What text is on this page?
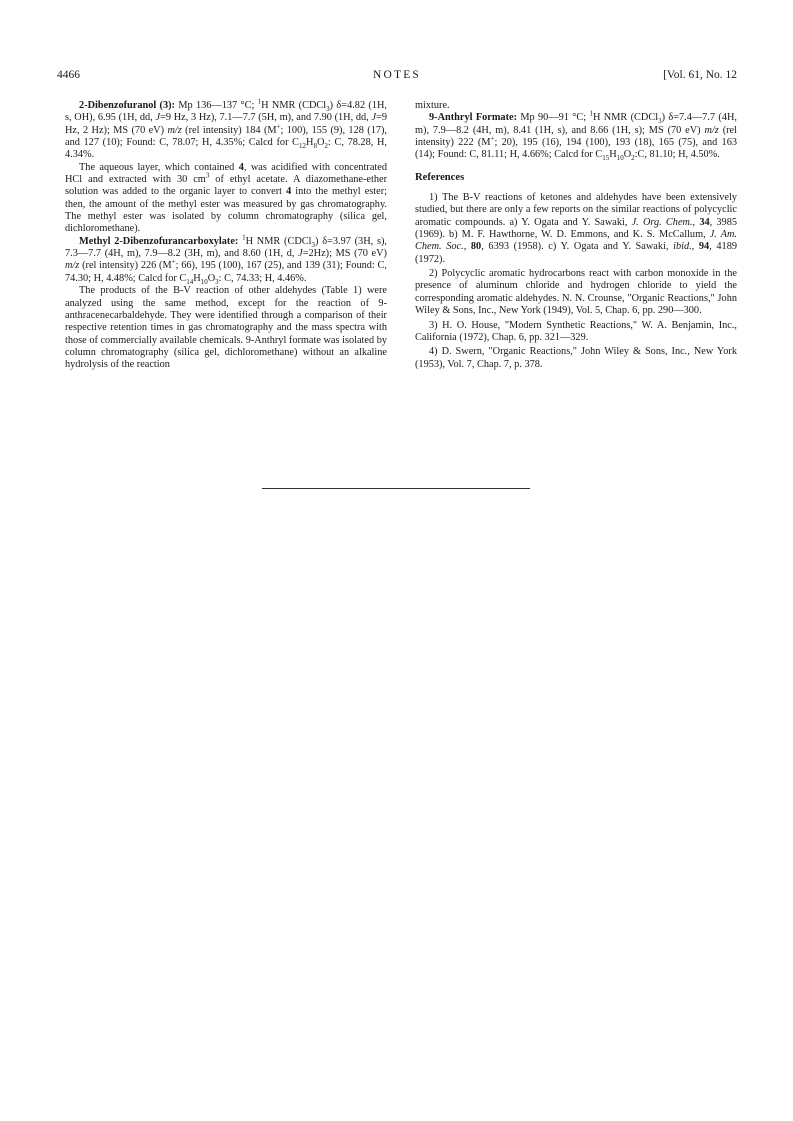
4466	NOTES	[Vol. 61, No. 12

2-Dibenzofuranol (3): Mp 136—137 °C; $^1$H NMR (CDCl$_3$) δ=4.82 (1H, s, OH), 6.95 (1H, dd, J=9 Hz, 3 Hz), 7.1—7.7 (5H, m), and 7.90 (1H, dd, J=9 Hz, 2 Hz); MS (70 eV) m/z (rel intensity) 184 (M+; 100), 155 (9), 128 (17), and 127 (10); Found: C, 78.07; H, 4.35%; Calcd for $C_{12}H_8O_2$: C, 78.28, H, 4.34%.

The aqueous layer, which contained 4, was acidified with concentrated HCl and extracted with 30 $cm^3$ of ethyl acetate. A diazomethane-ether solution was added to the organic layer to convert 4 into the methyl ester; then, the amount of the methyl ester was measured by gas chromatography. The methyl ester was isolated by column chromatography (silica gel, dichloromethane).

Methyl 2-Dibenzofurancarboxylate: $^1$H NMR (CDCl$_3$) δ=3.97 (3H, s), 7.3—7.7 (4H, m), 7.9—8.2 (3H, m), and 8.60 (1H, d, J=2Hz); MS (70 eV) m/z (rel intensity) 226 (M+; 66), 195 (100), 167 (25), and 139 (31); Found: C, 74.30; H, 4.48%; Calcd for $C_{14}H_{10}O_3$: C, 74.33; H, 4.46%.

The products of the B-V reaction of other aldehydes (Table 1) were analyzed using the same method, except for the reaction of 9-anthracenecarbaldehyde. They were identified through a comparison of their respective retention times in gas chromatography and the mass spectra with those of commercially available chemicals. 9-Anthryl formate was isolated by column chromatography (silica gel, dichloromethane) without an alkaline hydrolysis of the reaction

mixture.

9-Anthryl Formate: Mp 90—91 °C; $^1$H NMR (CDCl$_3$) δ=7.4—7.7 (4H, m), 7.9—8.2 (4H, m), 8.41 (1H, s), and 8.66 (1H, s); MS (70 eV) m/z (rel intensity) 222 (M+; 20), 195 (16), 194 (100), 193 (18), 165 (75), and 163 (14); Found: C, 81.11; H, 4.66%; Calcd for $C_{15}H_{10}O_2:C$, 81.10; H, 4.50%.

References

1) The B-V reactions of ketones and aldehydes have been extensively studied, but there are only a few reports on the similar reactions of polycyclic aromatic compounds. a) Y. Ogata and Y. Sawaki, J. Org. Chem., 34, 3985 (1969). b) M. F. Hawthorne, W. D. Emmons, and K. S. McCallum, J. Am. Chem. Soc., 80, 6393 (1958). c) Y. Ogata and Y. Sawaki, ibid., 94, 4189 (1972).

2) Polycyclic aromatic hydrocarbons react with carbon monoxide in the presence of aluminum chloride and hydrogen chloride to yield the corresponding aromatic aldehydes. N. N. Crounse, "Organic Reactions," John Wiley & Sons, Inc., New York (1949), Vol. 5, Chap. 6, pp. 290—300.

3) H. O. House, "Modern Synthetic Reactions," W. A. Benjamin, Inc., California (1972), Chap. 6, pp. 321—329.

4) D. Swern, "Organic Reactions," John Wiley & Sons, Inc., New York (1953), Vol. 7, Chap. 7, p. 378.
